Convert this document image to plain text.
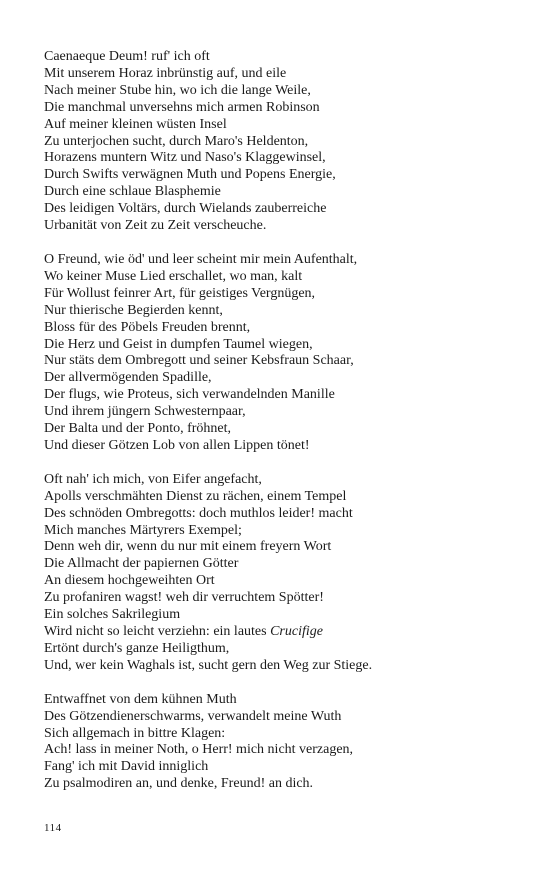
Caenaeque Deum! ruf' ich oft
Mit unserem Horaz inbrünstig auf, und eile
Nach meiner Stube hin, wo ich die lange Weile,
Die manchmal unversehns mich armen Robinson
Auf meiner kleinen wüsten Insel
Zu unterjochen sucht, durch Maro's Heldenton,
Horazens muntern Witz und Naso's Klaggewinsel,
Durch Swifts verwägnen Muth und Popens Energie,
Durch eine schlaue Blasphemie
Des leidigen Voltärs, durch Wielands zauberreiche
Urbanität von Zeit zu Zeit verscheuche.
O Freund, wie öd' und leer scheint mir mein Aufenthalt,
Wo keiner Muse Lied erschallet, wo man, kalt
Für Wollust feinrer Art, für geistiges Vergnügen,
Nur thierische Begierden kennt,
Bloss für des Pöbels Freuden brennt,
Die Herz und Geist in dumpfen Taumel wiegen,
Nur stäts dem Ombregott und seiner Kebsfraun Schaar,
Der allvermögenden Spadille,
Der flugs, wie Proteus, sich verwandelnden Manille
Und ihrem jüngern Schwesternpaar,
Der Balta und der Ponto, fröhnet,
Und dieser Götzen Lob von allen Lippen tönet!
Oft nah' ich mich, von Eifer angefacht,
Apolls verschmähten Dienst zu rächen, einem Tempel
Des schnöden Ombregotts: doch muthlos leider! macht
Mich manches Märtyrers Exempel;
Denn weh dir, wenn du nur mit einem freyern Wort
Die Allmacht der papiernen Götter
An diesem hochgeweihten Ort
Zu profaniren wagst! weh dir verruchtem Spötter!
Ein solches Sakrilegium
Wird nicht so leicht verziehn: ein lautes Crucifige
Ertönt durch's ganze Heiligthum,
Und, wer kein Waghals ist, sucht gern den Weg zur Stiege.
Entwaffnet von dem kühnen Muth
Des Götzendienerschwarms, verwandelt meine Wuth
Sich allgemach in bittre Klagen:
Ach! lass in meiner Noth, o Herr! mich nicht verzagen,
Fang' ich mit David inniglich
Zu psalmodiren an, und denke, Freund! an dich.
114
